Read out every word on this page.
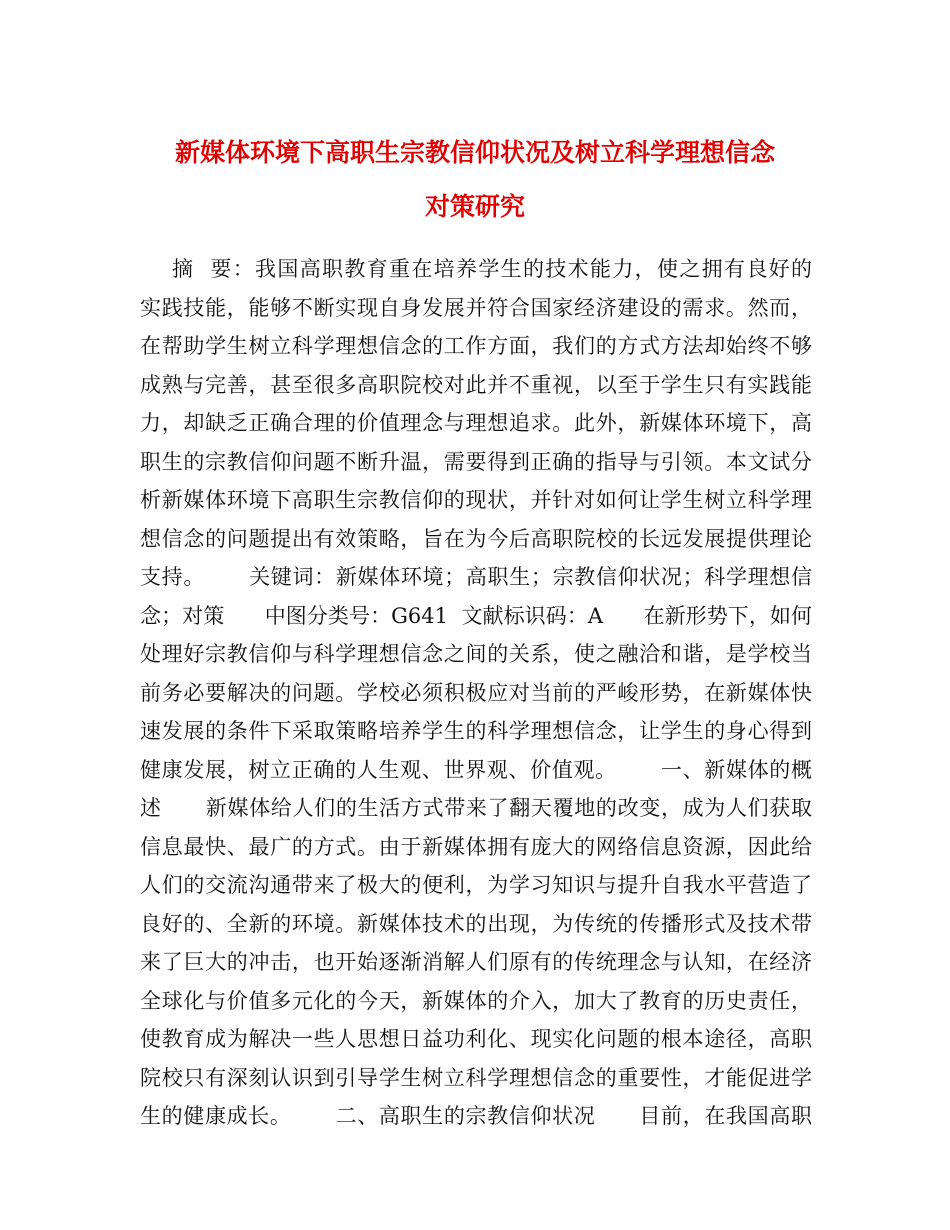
新媒体环境下高职生宗教信仰状况及树立科学理想信念
对策研究
摘  要：我国高职教育重在培养学生的技术能力，使之拥有良好的
实践技能，能够不断实现自身发展并符合国家经济建设的需求。然而，
在帮助学生树立科学理想信念的工作方面，我们的方式方法却始终不够
成熟与完善，甚至很多高职院校对此并不重视，以至于学生只有实践能
力，却缺乏正确合理的价值理念与理想追求。此外，新媒体环境下，高
职生的宗教信仰问题不断升温，需要得到正确的指导与引领。本文试分
析新媒体环境下高职生宗教信仰的现状，并针对如何让学生树立科学理
想信念的问题提出有效策略，旨在为今后高职院校的长远发展提供理论
支持。      关键词：新媒体环境；高职生；宗教信仰状况；科学理想信
念；对策      中图分类号：G641  文献标识码：A      在新形势下，如何
处理好宗教信仰与科学理想信念之间的关系，使之融洽和谐，是学校当
前务必要解决的问题。学校必须积极应对当前的严峻形势，在新媒体快
速发展的条件下采取策略培养学生的科学理想信念，让学生的身心得到
健康发展，树立正确的人生观、世界观、价值观。      一、新媒体的概
述      新媒体给人们的生活方式带来了翻天覆地的改变，成为人们获取
信息最快、最广的方式。由于新媒体拥有庞大的网络信息资源，因此给
人们的交流沟通带来了极大的便利，为学习知识与提升自我水平营造了
良好的、全新的环境。新媒体技术的出现，为传统的传播形式及技术带
来了巨大的冲击，也开始逐渐消解人们原有的传统理念与认知，在经济
全球化与价值多元化的今天，新媒体的介入，加大了教育的历史责任，
使教育成为解决一些人思想日益功利化、现实化问题的根本途径，高职
院校只有深刻认识到引导学生树立科学理想信念的重要性，才能促进学
生的健康成长。      二、高职生的宗教信仰状况      目前，在我国高职
